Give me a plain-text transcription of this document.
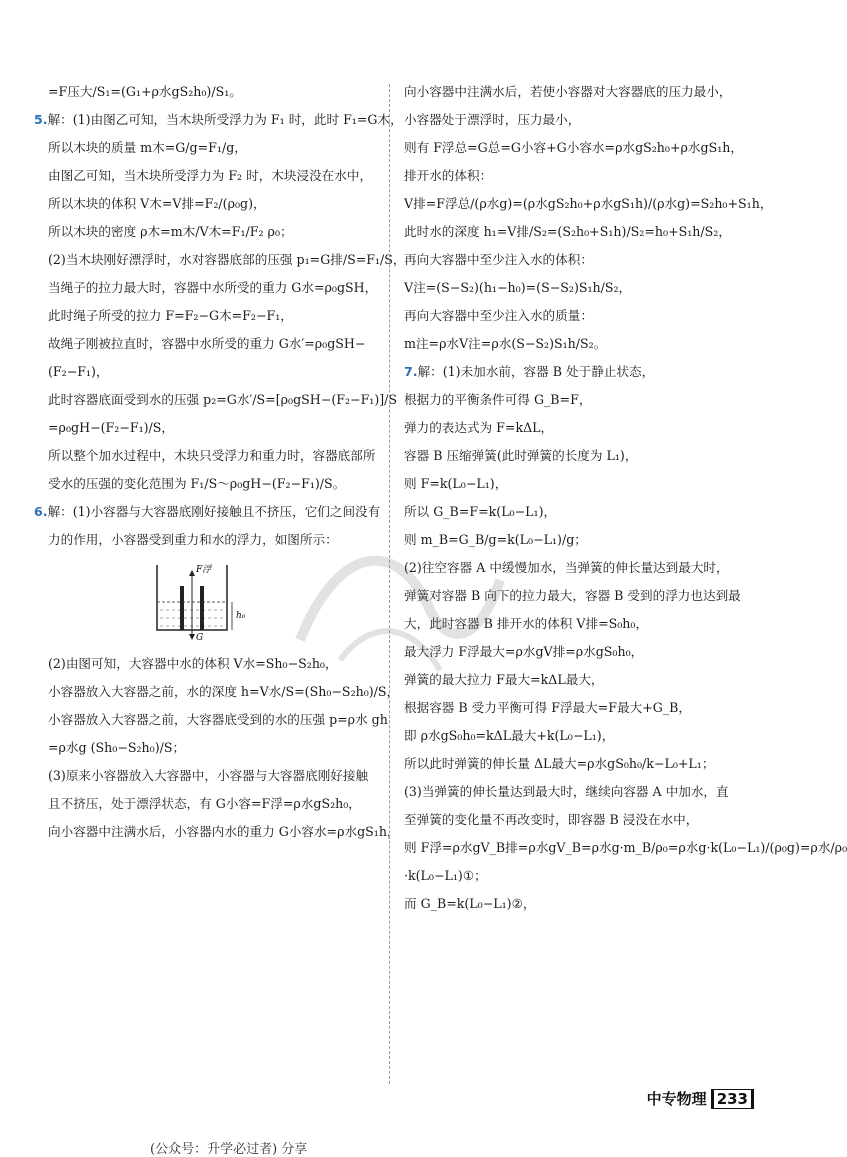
=F压大/S₁=(G₁+ρ水gS₂h₀)/S₁。
5.解：(1)由图乙可知，当木块所受浮力为 F₁ 时，此时 F₁=G木，
所以木块的质量 m木=G/g=F₁/g，
由图乙可知，当木块所受浮力为 F₂ 时，木块浸没在水中，
所以木块的体积 V木=V排=F₂/(ρ₀g)，
所以木块的密度 ρ木=m木/V木=F₁/F₂ ρ₀；
(2)当木块刚好漂浮时，水对容器底部的压强 p₁=G排/S=F₁/S，
当绳子的拉力最大时，容器中水所受的重力 G水=ρ₀gSH，
此时绳子所受的拉力 F=F₂−G木=F₂−F₁，
故绳子刚被拉直时，容器中水所受的重力 G水′=ρ₀gSH−
(F₂−F₁)，
此时容器底面受到水的压强 p₂=G水′/S=[ρ₀gSH−(F₂−F₁)]/S
=ρ₀gH−(F₂−F₁)/S，
所以整个加水过程中，木块只受浮力和重力时，容器底部所
受水的压强的变化范围为 F₁/S～ρ₀gH−(F₂−F₁)/S。
6.解：(1)小容器与大容器底刚好接触且不挤压，它们之间没有
力的作用，小容器受到重力和水的浮力，如图所示：
F浮
G
h₀
(2)由图可知，大容器中水的体积 V水=Sh₀−S₂h₀，
小容器放入大容器之前，水的深度 h=V水/S=(Sh₀−S₂h₀)/S，
小容器放入大容器之前，大容器底受到的水的压强 p=ρ水 gh
=ρ水g (Sh₀−S₂h₀)/S；
(3)原来小容器放入大容器中，小容器与大容器底刚好接触
且不挤压，处于漂浮状态，有 G小容=F浮=ρ水gS₂h₀，
向小容器中注满水后，小容器内水的重力 G小容水=ρ水gS₁h，
向小容器中注满水后，若使小容器对大容器底的压力最小，
小容器处于漂浮时，压力最小，
则有 F浮总=G总=G小容+G小容水=ρ水gS₂h₀+ρ水gS₁h，
排开水的体积：
V排=F浮总/(ρ水g)=(ρ水gS₂h₀+ρ水gS₁h)/(ρ水g)=S₂h₀+S₁h，
此时水的深度 h₁=V排/S₂=(S₂h₀+S₁h)/S₂=h₀+S₁h/S₂，
再向大容器中至少注入水的体积：
V注=(S−S₂)(h₁−h₀)=(S−S₂)S₁h/S₂，
再向大容器中至少注入水的质量：
m注=ρ水V注=ρ水(S−S₂)S₁h/S₂。
7.解：(1)未加水前，容器 B 处于静止状态，
根据力的平衡条件可得 G_B=F，
弹力的表达式为 F=kΔL，
容器 B 压缩弹簧(此时弹簧的长度为 L₁)，
则 F=k(L₀−L₁)，
所以 G_B=F=k(L₀−L₁)，
则 m_B=G_B/g=k(L₀−L₁)/g；
(2)往空容器 A 中缓慢加水，当弹簧的伸长量达到最大时，
弹簧对容器 B 向下的拉力最大，容器 B 受到的浮力也达到最
大，此时容器 B 排开水的体积 V排=S₀h₀，
最大浮力 F浮最大=ρ水gV排=ρ水gS₀h₀，
弹簧的最大拉力 F最大=kΔL最大，
根据容器 B 受力平衡可得 F浮最大=F最大+G_B，
即 ρ水gS₀h₀=kΔL最大+k(L₀−L₁)，
所以此时弹簧的伸长量 ΔL最大=ρ水gS₀h₀/k−L₀+L₁；
(3)当弹簧的伸长量达到最大时，继续向容器 A 中加水，直
至弹簧的变化量不再改变时，即容器 B 浸没在水中，
则 F浮=ρ水gV_B排=ρ水gV_B=ρ水g·m_B/ρ₀=ρ水g·k(L₀−L₁)/(ρ₀g)=ρ水/ρ₀
·k(L₀−L₁)①；
而 G_B=k(L₀−L₁)②，
中专物理 233
(公众号：升学必过者) 分享
